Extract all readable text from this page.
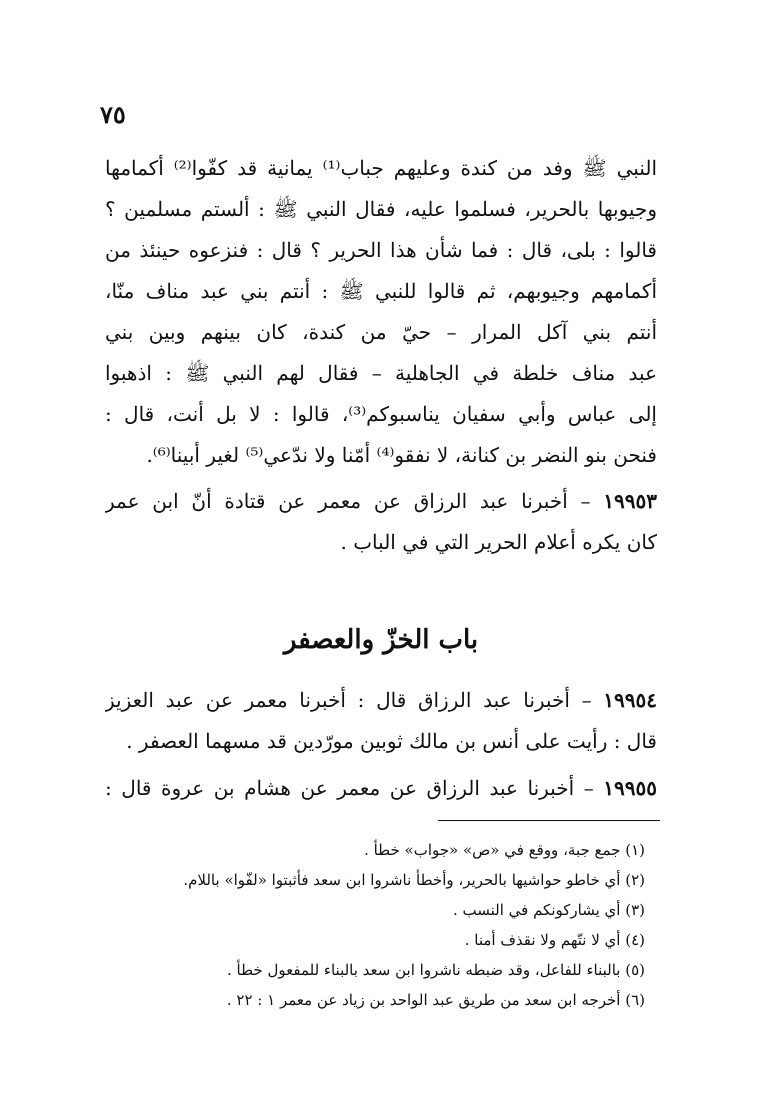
٧٥
النبي ﷺ وفد من كندة وعليهم جباب⁽¹⁾ يمانية قد كفّوا⁽²⁾ أكمامها
وجيوبها بالحرير، فسلموا عليه، فقال النبي ﷺ : ألستم مسلمين ؟
قالوا : بلى، قال : فما شأن هذا الحرير ؟ قال : فنزعوه حينئذ من
أكمامهم وجيوبهم، ثم قالوا للنبي ﷺ : أنتم بني عبد مناف منّا،
أنتم بني آكل المرار – حيّ من كندة، كان بينهم وبين بني
عبد مناف خلطة في الجاهلية – فقال لهم النبي ﷺ : اذهبوا
إلى عباس وأبي سفيان يناسبوكم⁽³⁾، قالوا : لا بل أنت، قال :
فنحن بنو النضر بن كنانة، لا نفقو⁽⁴⁾ أمّنا ولا ندّعي⁽⁵⁾ لغير أبينا⁽⁶⁾.
١٩٩٥٣ – أخبرنا عبد الرزاق عن معمر عن قتادة أنّ ابن عمر
كان يكره أعلام الحرير التي في الباب .
باب الخزّ والعصفر
١٩٩٥٤ – أخبرنا عبد الرزاق قال : أخبرنا معمر عن عبد العزيز
قال : رأيت على أنس بن مالك ثوبين مورّدين قد مسهما العصفر .
١٩٩٥٥ – أخبرنا عبد الرزاق عن معمر عن هشام بن عروة قال :
(١) جمع جبة، ووقع في «ص» «جواب» خطأ .
(٢) أي خاطو حواشيها بالحرير، وأخطأ ناشروا ابن سعد فأثبتوا «لفّوا» باللام.
(٣) أي يشاركونكم في النسب .
(٤) أي لا نتّهم ولا نقذف أمنا .
(٥) بالبناء للفاعل، وقد ضبطه ناشروا ابن سعد بالبناء للمفعول خطأ .
(٦) أخرجه ابن سعد من طريق عبد الواحد بن زياد عن معمر ١ : ٢٢ .
